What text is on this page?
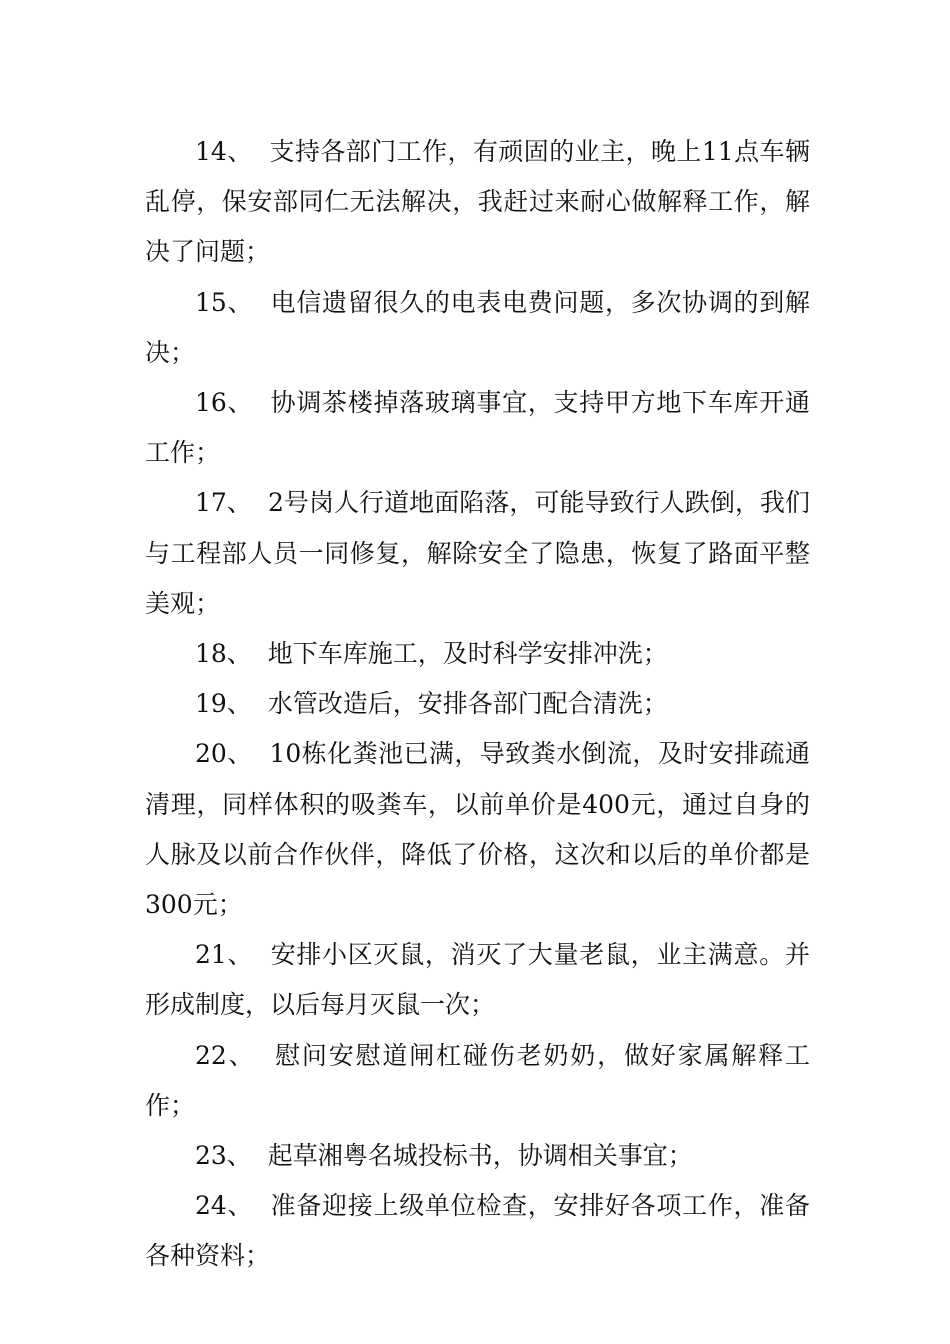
14、 支持各部门工作，有顽固的业主，晚上11点车辆乱停，保安部同仁无法解决，我赶过来耐心做解释工作，解决了问题；

15、 电信遗留很久的电表电费问题，多次协调的到解决；

16、 协调茶楼掉落玻璃事宜，支持甲方地下车库开通工作；

17、 2号岗人行道地面陷落，可能导致行人跌倒，我们与工程部人员一同修复，解除安全了隐患，恢复了路面平整美观；

18、 地下车库施工，及时科学安排冲洗；

19、 水管改造后，安排各部门配合清洗；

20、 10栋化粪池已满，导致粪水倒流，及时安排疏通清理，同样体积的吸粪车，以前单价是400元，通过自身的人脉及以前合作伙伴，降低了价格，这次和以后的单价都是300元；

21、 安排小区灭鼠，消灭了大量老鼠，业主满意。并形成制度，以后每月灭鼠一次；

22、 慰问安慰道闸杠碰伤老奶奶，做好家属解释工作；

23、 起草湘粤名城投标书，协调相关事宜；

24、 准备迎接上级单位检查，安排好各项工作，准备各种资料；
